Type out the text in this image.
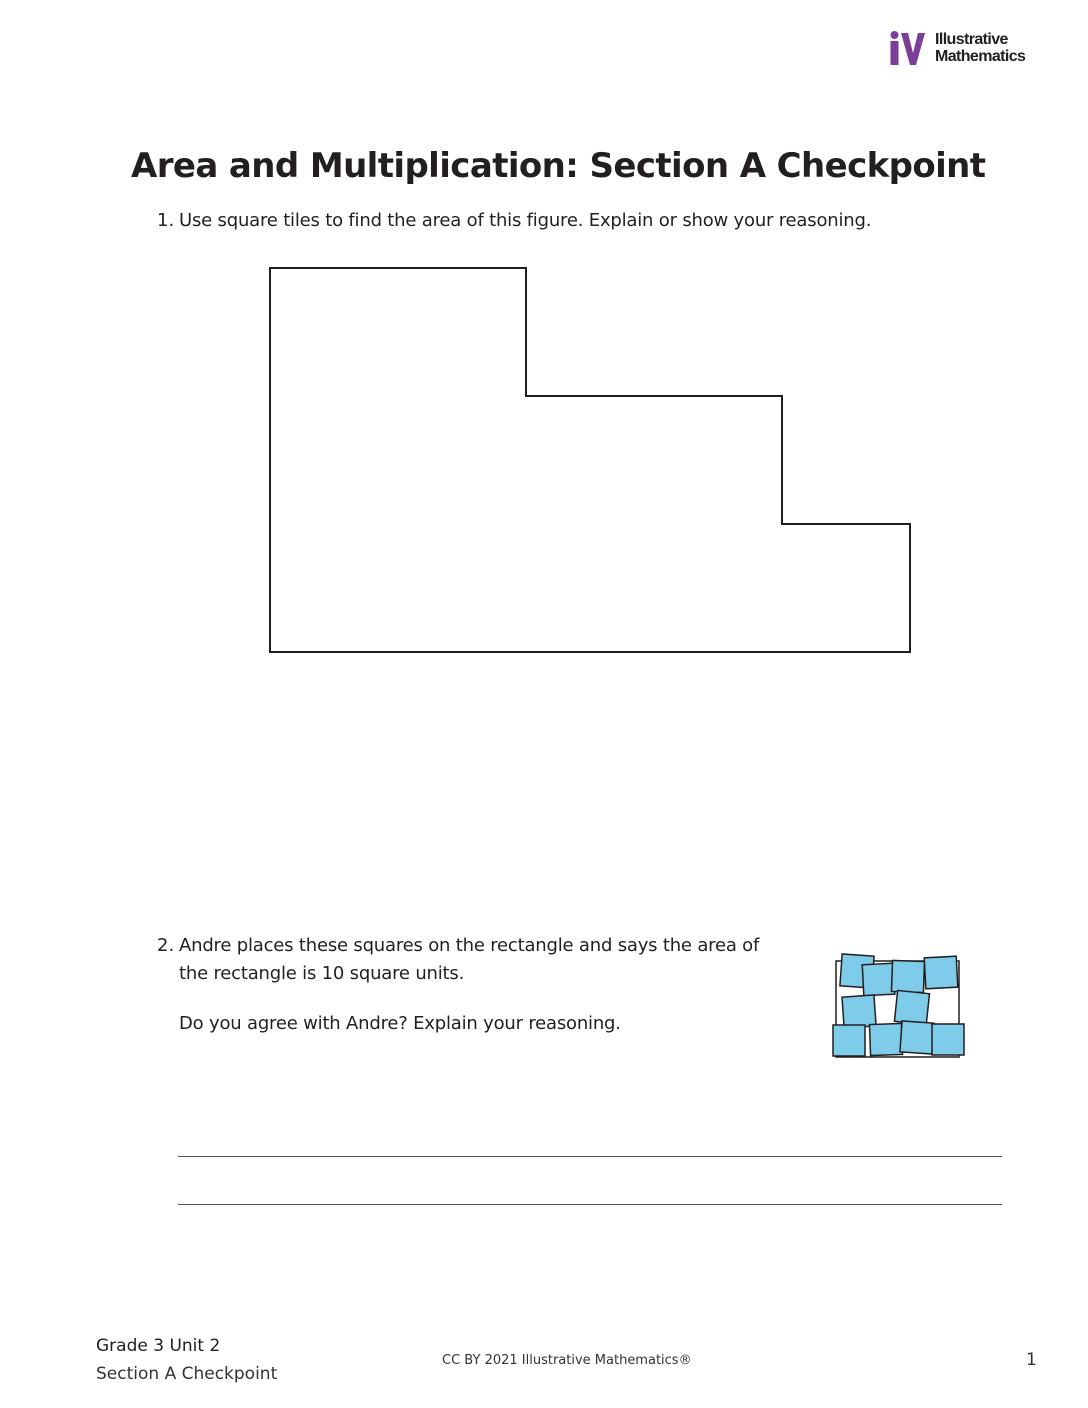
Illustrative
Mathematics
Area and Multiplication: Section A Checkpoint
1. Use square tiles to find the area of this figure. Explain or show your reasoning.
2. Andre places these squares on the rectangle and says the area of
the rectangle is 10 square units.
Do you agree with Andre? Explain your reasoning.
Grade 3 Unit 2
Section A Checkpoint
CC BY 2021 Illustrative Mathematics®	1
